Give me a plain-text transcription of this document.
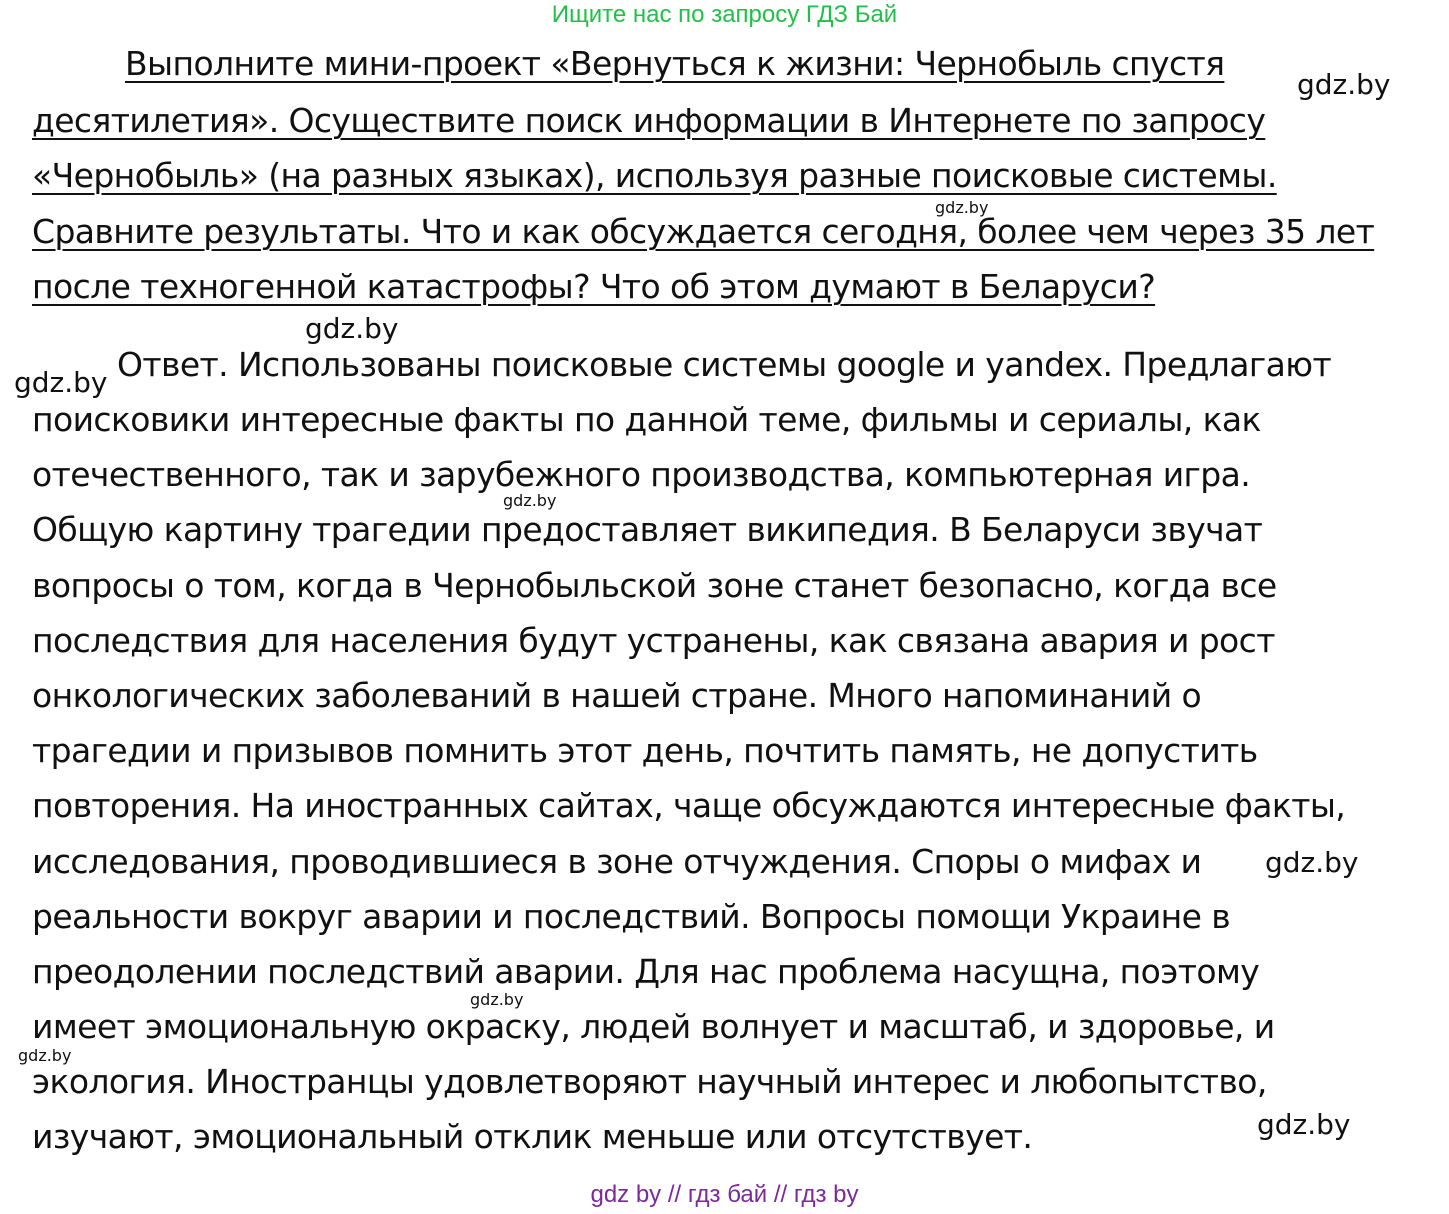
Ищите нас по запросу ГДЗ Бай
Выполните мини-проект «Вернуться к жизни: Чернобыль спустя
десятилетия». Осуществите поиск информации в Интернете по запросу
«Чернобыль» (на разных языках), используя разные поисковые системы.
Сравните результаты. Что и как обсуждается сегодня, более чем через 35 лет
после техногенной катастрофы? Что об этом думают в Беларуси?
Ответ. Использованы поисковые системы google и yandex. Предлагают
поисковики интересные факты по данной теме, фильмы и сериалы, как
отечественного, так и зарубежного производства, компьютерная игра.
Общую картину трагедии предоставляет википедия. В Беларуси звучат
вопросы о том, когда в Чернобыльской зоне станет безопасно, когда все
последствия для населения будут устранены, как связана авария и рост
онкологических заболеваний в нашей стране. Много напоминаний о
трагедии и призывов помнить этот день, почтить память, не допустить
повторения. На иностранных сайтах, чаще обсуждаются интересные факты,
исследования, проводившиеся в зоне отчуждения. Споры о мифах и
реальности вокруг аварии и последствий. Вопросы помощи Украине в
преодолении последствий аварии. Для нас проблема насущна, поэтому
имеет эмоциональную окраску, людей волнует и масштаб, и здоровье, и
экология. Иностранцы удовлетворяют научный интерес и любопытство,
изучают, эмоциональный отклик меньше или отсутствует.
gdz.by
gdz.by
gdz.by
gdz.by
gdz.by
gdz.by
gdz.by
gdz.by
gdz.by
gdz by // гдз бай // гдз by
